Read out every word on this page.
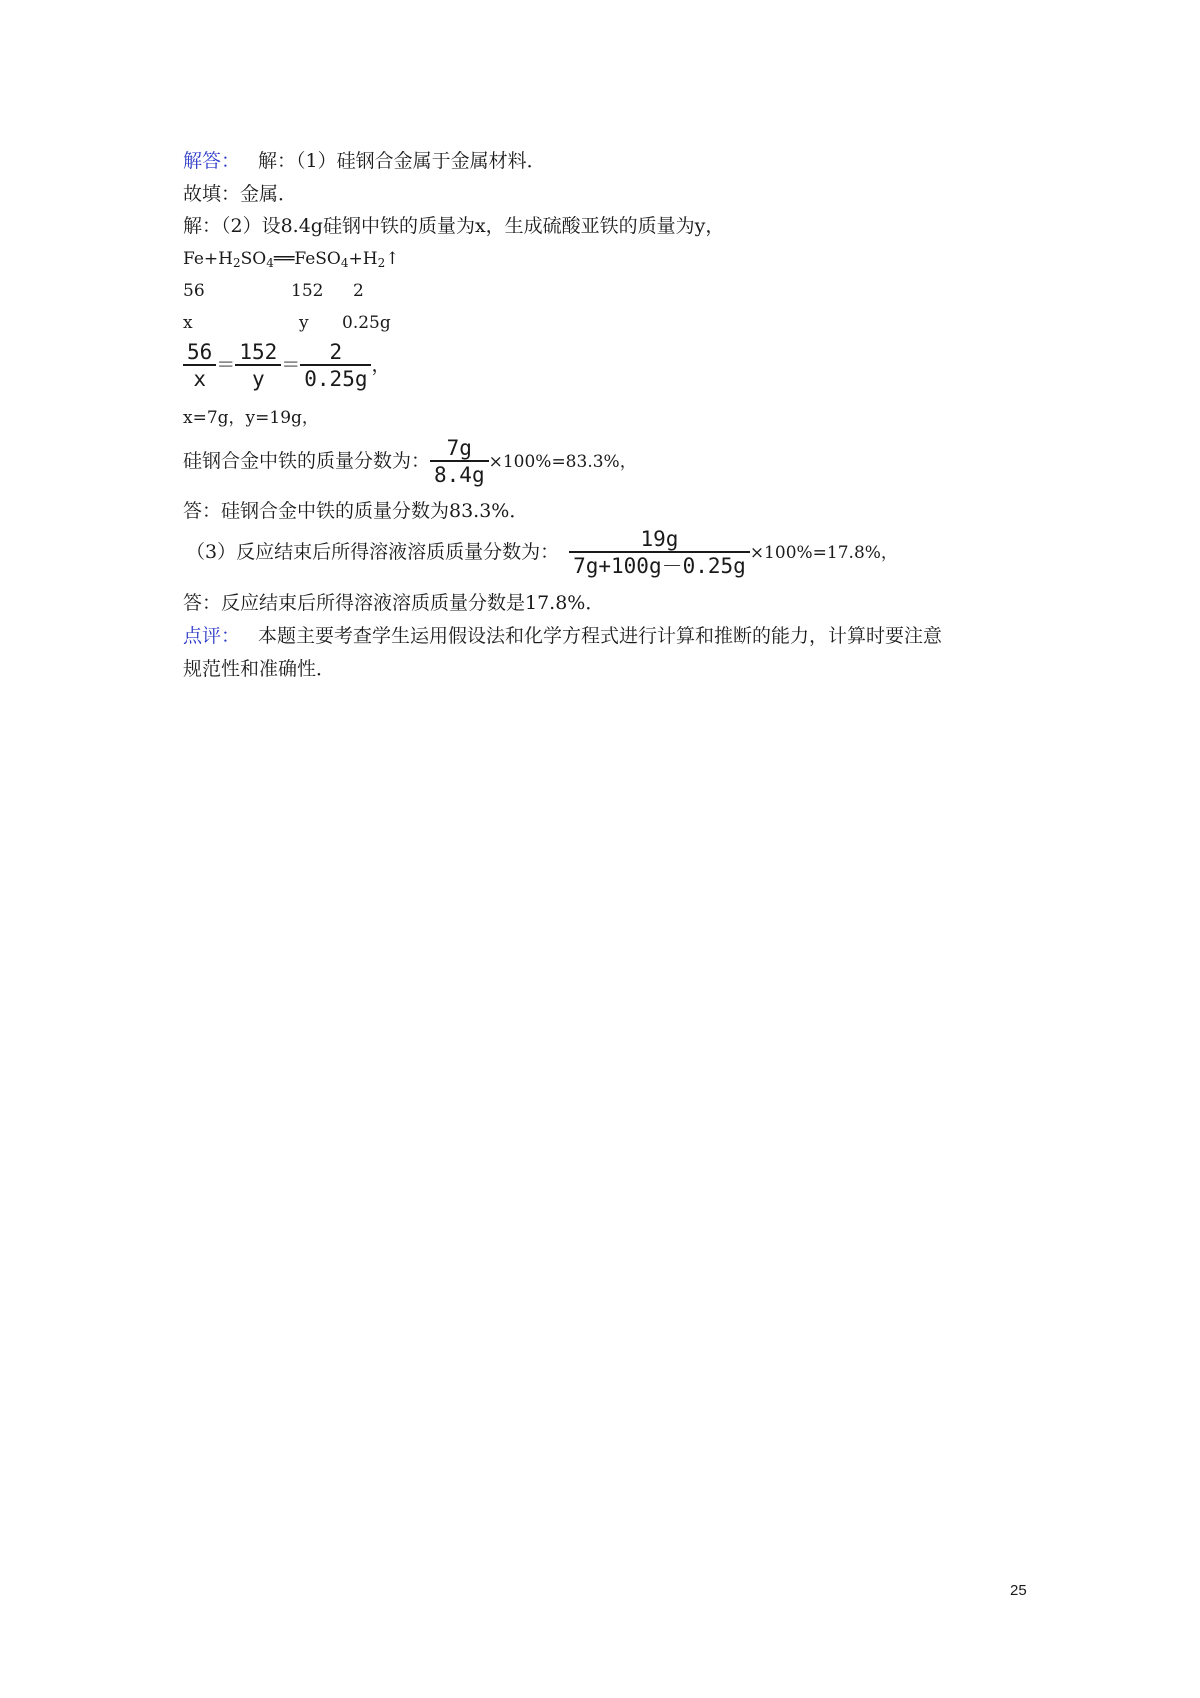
解答： 解：（1）硅钢合金属于金属材料．
故填：金属．
解：（2）设8.4g硅钢中铁的质量为x，生成硫酸亚铁的质量为y，
$Fe+H_2SO_4══FeSO_4+H_2↑$
56	152 2
x	y 0.25g
$\frac{56}{x} = \frac{152}{y} = \frac{2}{0.25g}$ ，
x=7g，y=19g，
硅钢合金中铁的质量分数为： $\frac{7g}{8.4g} \times 100\%=83.3\%$，
答：硅钢合金中铁的质量分数为83.3%．
（3）反应结束后所得溶液溶质质量分数为： $\frac{19g}{7g+100g-0.25g} \times 100\%=17.8\%$，
答：反应结束后所得溶液溶质质量分数是17.8%．
点评： 本题主要考查学生运用假设法和化学方程式进行计算和推断的能力，计算时要注意
规范性和准确性．
25
